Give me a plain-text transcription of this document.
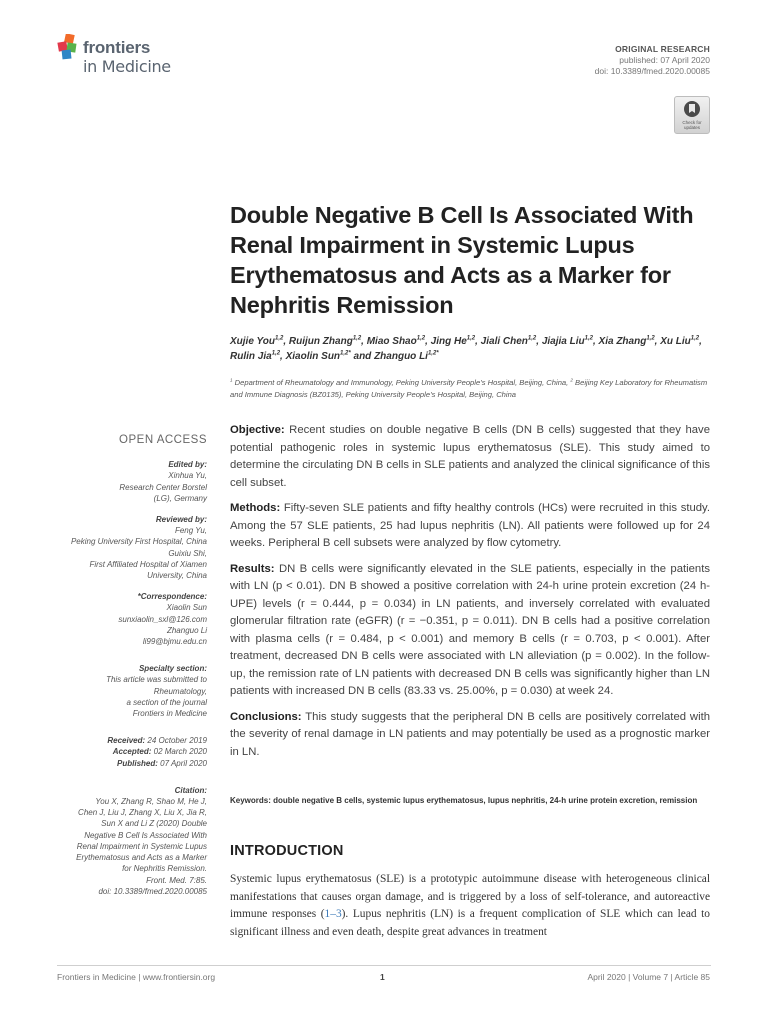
frontiers
in Medicine
ORIGINAL RESEARCH
published: 07 April 2020
doi: 10.3389/fmed.2020.00085
Check for
updates
Double Negative B Cell Is Associated With Renal Impairment in Systemic Lupus Erythematosus and Acts as a Marker for Nephritis Remission
Xujie You$^{1,2}$, Ruijun Zhang$^{1,2}$, Miao Shao$^{1,2}$, Jing He$^{1,2}$, Jiali Chen$^{1,2}$, Jiajia Liu$^{1,2}$, Xia Zhang$^{1,2}$, Xu Liu$^{1,2}$, Rulin Jia$^{1,2}$, Xiaolin Sun$^{1,2*}$ and Zhanguo $Li^{1,2*}$
$^1$ Department of Rheumatology and Immunology, Peking University People’s Hospital, Beijing, China, $^2$ Beijing Key Laboratory for Rheumatism and Immune Diagnosis (BZ0135), Peking University People’s Hospital, Beijing, China
OPEN ACCESS
Edited by:
Xinhua Yu,
Research Center Borstel
(LG), Germany
Reviewed by:
Feng Yu,
Peking University First Hospital, China
Guixiu Shi,
First Affiliated Hospital of Xiamen
University, China
*Correspondence:
Xiaolin Sun
sunxiaolin_sxl@126.com
Zhanguo Li
li99@bjmu.edu.cn
Specialty section:
This article was submitted to
Rheumatology,
a section of the journal
Frontiers in Medicine
Received: 24 October 2019
Accepted: 02 March 2020
Published: 07 April 2020
Citation:
You X, Zhang R, Shao M, He J,
Chen J, Liu J, Zhang X, Liu X, Jia R,
Sun X and Li Z (2020) Double
Negative B Cell Is Associated With
Renal Impairment in Systemic Lupus
Erythematosus and Acts as a Marker
for Nephritis Remission.
Front. Med. 7:85.
doi: 10.3389/fmed.2020.00085

Objective: Recent studies on double negative B cells (DN B cells) suggested that they have potential pathogenic roles in systemic lupus erythematosus (SLE). This study aimed to determine the circulating DN B cells in SLE patients and analyzed the clinical significance of this cell subset.

Methods: Fifty-seven SLE patients and fifty healthy controls (HCs) were recruited in this study. Among the 57 SLE patients, 25 had lupus nephritis (LN). All patients were followed up for 24 weeks. Peripheral B cell subsets were analyzed by flow cytometry.

Results: DN B cells were significantly elevated in the SLE patients, especially in the patients with LN (p < 0.01). DN B showed a positive correlation with 24-h urine protein excretion (24 h-UPE) levels (r = 0.444, p = 0.034) in LN patients, and inversely correlated with evaluated glomerular filtration rate (eGFR) (r = −0.351, p = 0.011). DN B cells had a positive correlation with plasma cells (r = 0.484, p < 0.001) and memory B cells (r = 0.703, p < 0.001). After treatment, decreased DN B cells were associated with LN alleviation (p = 0.002). In the follow-up, the remission rate of LN patients with decreased DN B cells was significantly higher than LN patients with increased DN B cells (83.33 vs. 25.00%, p = 0.030) at week 24.

Conclusions: This study suggests that the peripheral DN B cells are positively correlated with the severity of renal damage in LN patients and may potentially be used as a prognostic marker in LN.

Keywords: double negative B cells, systemic lupus erythematosus, lupus nephritis, 24-h urine protein excretion, remission
INTRODUCTION
Systemic lupus erythematosus (SLE) is a prototypic autoimmune disease with heterogeneous clinical manifestations that causes organ damage, and is triggered by a loss of self-tolerance, and autoreactive immune responses (1–3). Lupus nephritis (LN) is a frequent complication of SLE which can lead to significant illness and even death, despite great advances in treatment
Frontiers in Medicine | www.frontiersin.org	1	April 2020 | Volume 7 | Article 85
